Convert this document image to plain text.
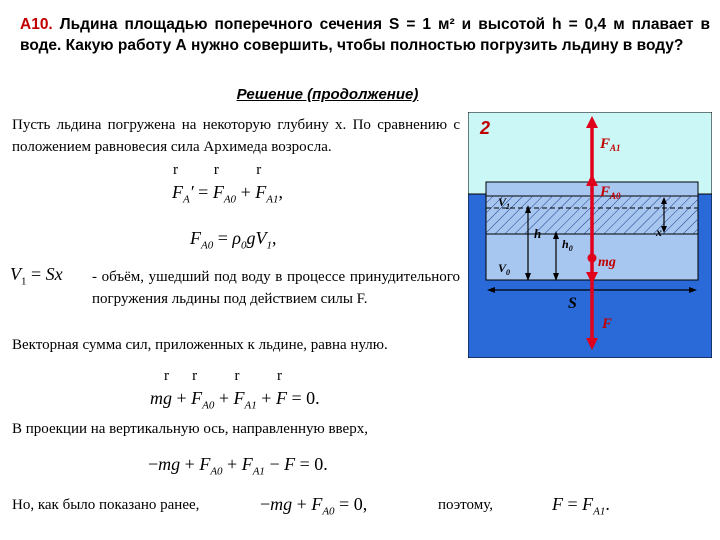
А10. Льдина площадью поперечного сечения S = 1 м² и высотой h = 0,4 м плавает в воде. Какую работу А нужно совершить, чтобы полностью погрузить льдину в воду?
Решение (продолжение)
Пусть льдина погружена на некоторую глубину x. По сравнению с положением равновесия сила Архимеда возросла.
F
r
$_A$′ = F
r
$_{A0}$ + F
r
$_{A1}$,
$F_{A0} = \rho_0gV_1$,
$V_1 = Sx$ - объём, ушедший под воду в процессе принудительного погружения льдины под действием силы F.
Векторная сумма сил, приложенных к льдине, равна нулю.
mg
r
+ F
r
$_{A0}$ + F
r
$_{A1}$ + F
r
= 0.
В проекции на вертикальную ось, направленную вверх,
$-mg + F_{A0} + F_{A1} - F = 0$.
Но, как было показано ранее,	$-mg + F_{A0} = 0$,	поэтому,	$F = F_{A1}$.
2
$F_{A1}$
$F_{A0}$
mg
F
$V_1$
x
h
$h_0$
$V_0$
S
